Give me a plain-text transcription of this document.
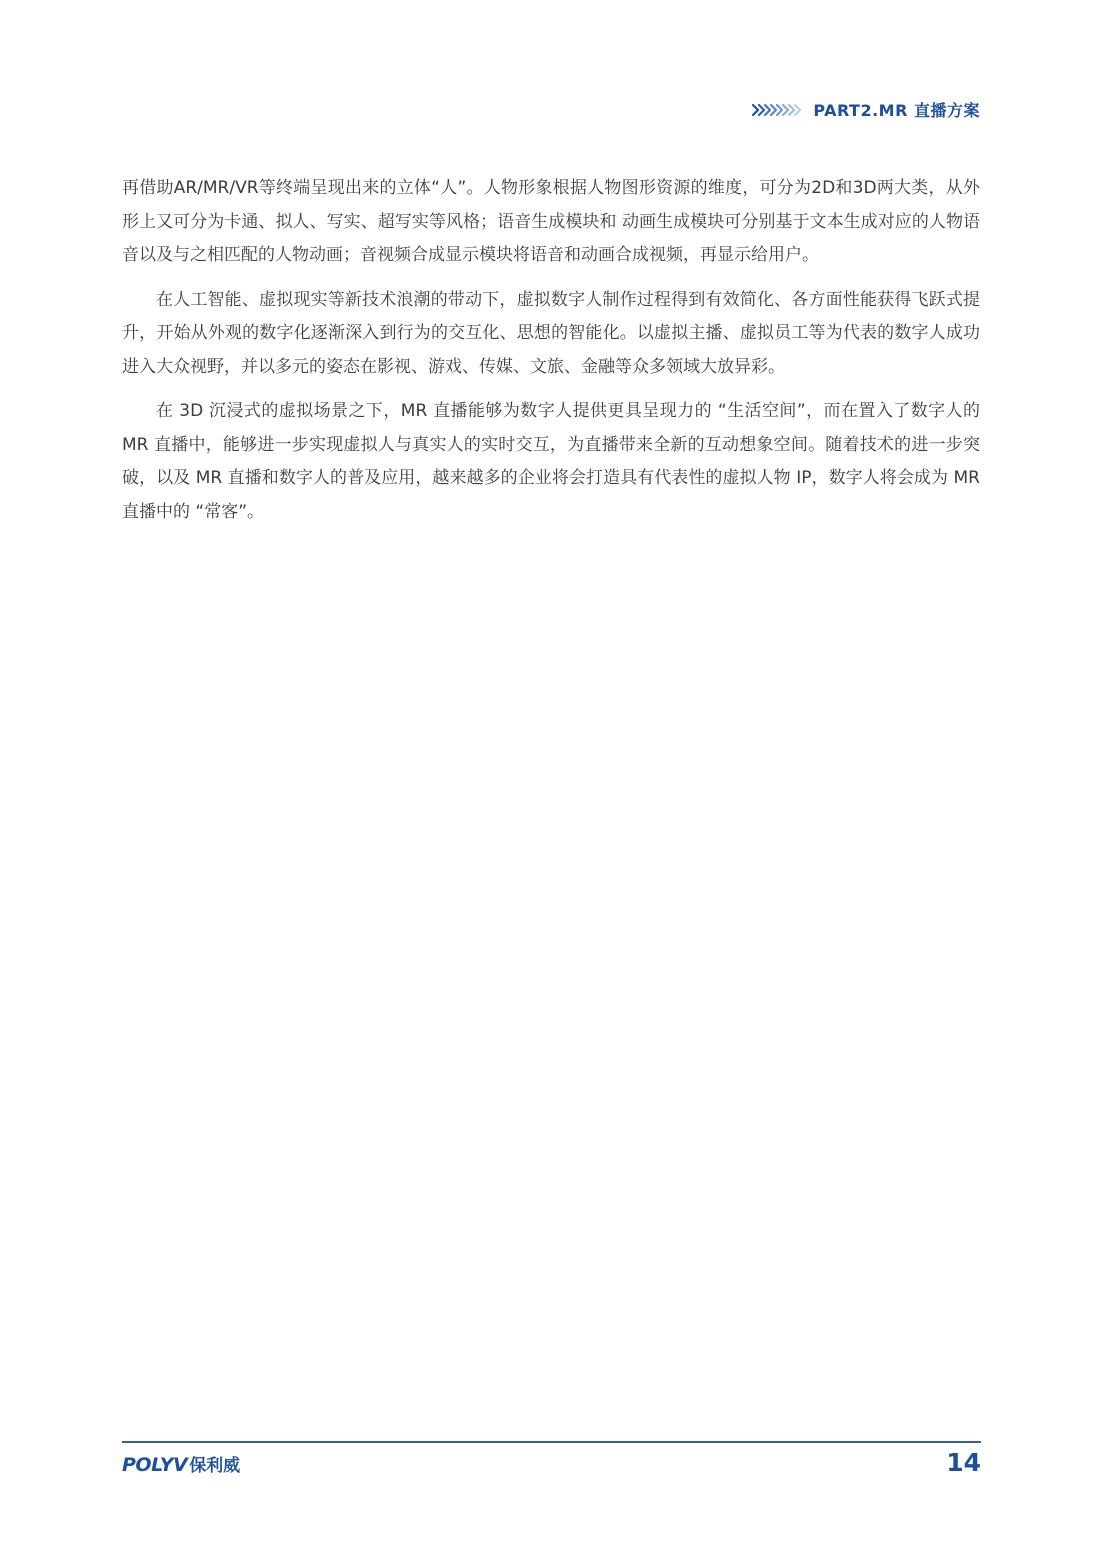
PART2.MR 直播方案

再借助AR/MR/VR等终端呈现出来的立体“人”。人物形象根据人物图形资源的维度，可分为2D和3D两大类，从外形上又可分为卡通、拟人、写实、超写实等风格；语音生成模块和 动画生成模块可分别基于文本生成对应的人物语音以及与之相匹配的人物动画；音视频合成显示模块将语音和动画合成视频，再显示给用户。

在人工智能、虚拟现实等新技术浪潮的带动下，虚拟数字人制作过程得到有效简化、各方面性能获得飞跃式提升，开始从外观的数字化逐渐深入到行为的交互化、思想的智能化。以虚拟主播、虚拟员工等为代表的数字人成功进入大众视野，并以多元的姿态在影视、游戏、传媒、文旅、金融等众多领域大放异彩。

在 3D 沉浸式的虚拟场景之下，MR 直播能够为数字人提供更具呈现力的 “生活空间”，而在置入了数字人的 MR 直播中，能够进一步实现虚拟人与真实人的实时交互，为直播带来全新的互动想象空间。随着技术的进一步突破，以及 MR 直播和数字人的普及应用，越来越多的企业将会打造具有代表性的虚拟人物 IP，数字人将会成为 MR 直播中的 “常客”。

POLYV 保利威	14
